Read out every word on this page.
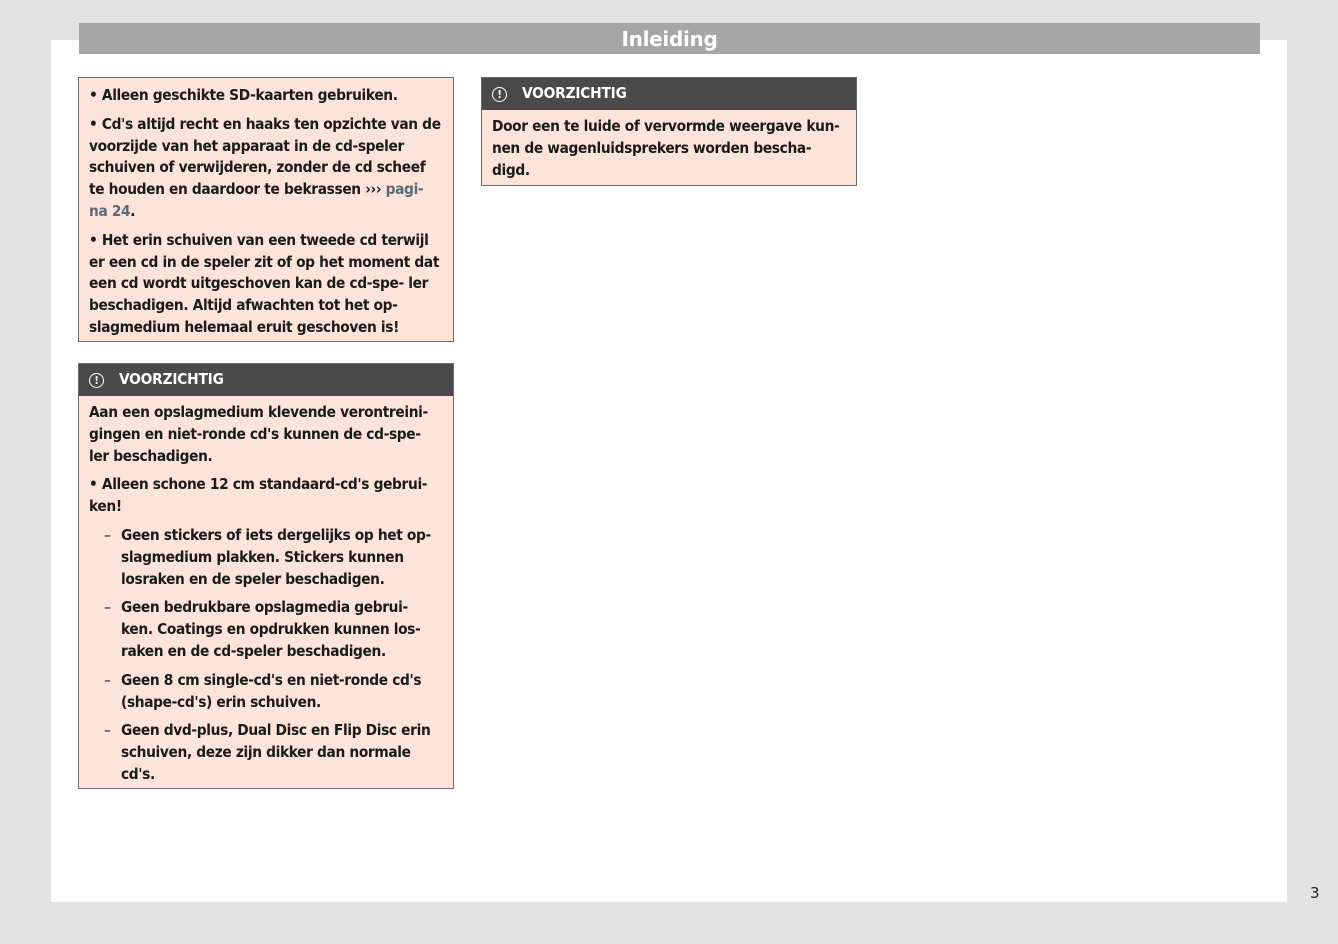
Inleiding

• Alleen geschikte SD-kaarten gebruiken.

• Cd's altijd recht en haaks ten opzichte van de voorzijde van het apparaat in de cd-speler schuiven of verwijderen, zonder de cd scheef te houden en daardoor te bekrassen ››› pagi- na 24.

• Het erin schuiven van een tweede cd terwijl er een cd in de speler zit of op het moment dat een cd wordt uitgeschoven kan de cd-spe- ler beschadigen. Altijd afwachten tot het op- slagmedium helemaal eruit geschoven is!

!	VOORZICHTIG

Aan een opslagmedium klevende verontreini- gingen en niet-ronde cd's kunnen de cd-spe- ler beschadigen.

• Alleen schone 12 cm standaard-cd's gebrui- ken!

– Geen stickers of iets dergelijks op het op- slagmedium plakken. Stickers kunnen losraken en de speler beschadigen.
– Geen bedrukbare opslagmedia gebrui- ken. Coatings en opdrukken kunnen los- raken en de cd-speler beschadigen.
– Geen 8 cm single-cd's en niet-ronde cd's (shape-cd's) erin schuiven.
– Geen dvd-plus, Dual Disc en Flip Disc erin schuiven, deze zijn dikker dan normale cd's.
!	VOORZICHTIG

Door een te luide of vervormde weergave kun- nen de wagenluidsprekers worden bescha- digd.

3
